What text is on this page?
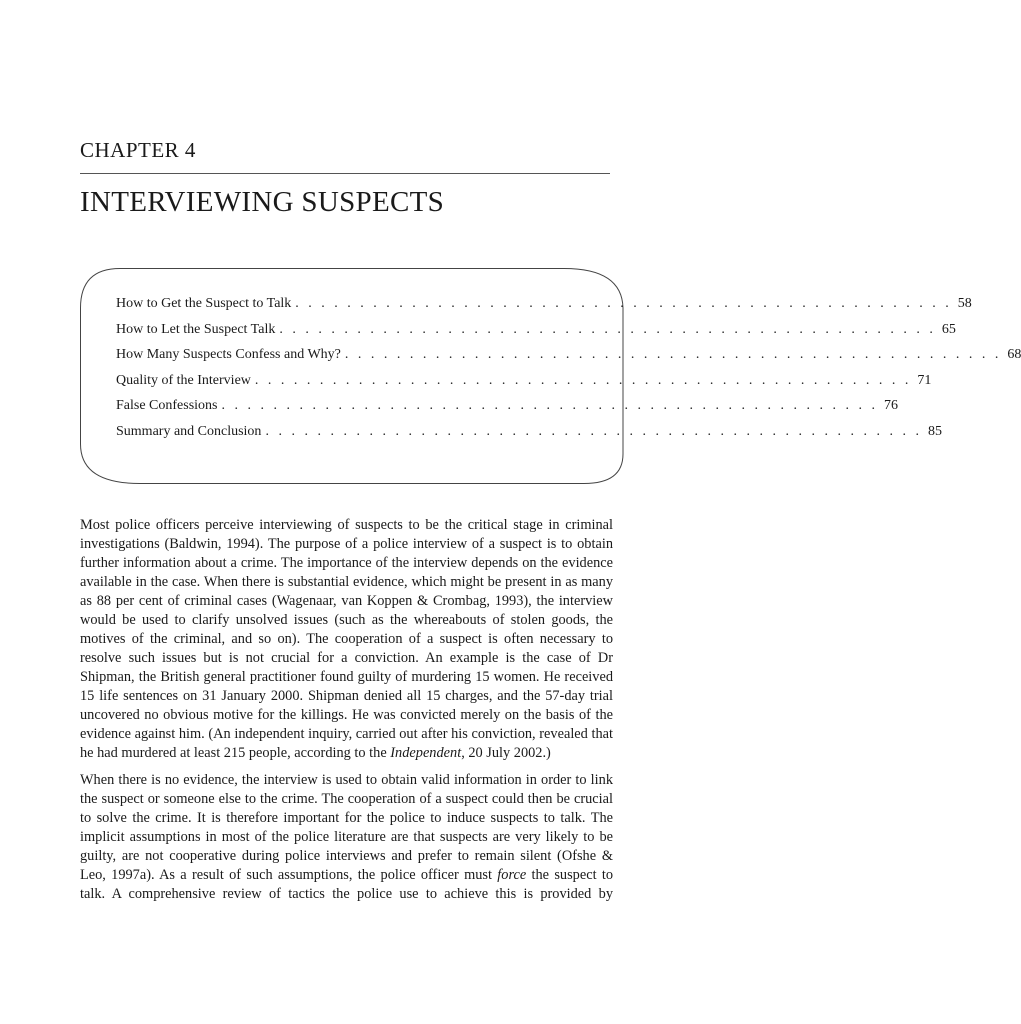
CHAPTER 4
INTERVIEWING SUSPECTS
How to Get the Suspect to Talk . . . . . . . . . . . . . . . . . . . . . . . . . . . . . . . . . . . . . . . . . . . . . . . . . . . 58
How to Let the Suspect Talk . . . . . . . . . . . . . . . . . . . . . . . . . . . . . . . . . . . . . . . . . . . . . . . . . . . 65
How Many Suspects Confess and Why? . . . . . . . . . . . . . . . . . . . . . . . . . . . . . . . . . . . . . . . . . . . . . . . . . . . 68
Quality of the Interview . . . . . . . . . . . . . . . . . . . . . . . . . . . . . . . . . . . . . . . . . . . . . . . . . . . 71
False Confessions . . . . . . . . . . . . . . . . . . . . . . . . . . . . . . . . . . . . . . . . . . . . . . . . . . . 76
Summary and Conclusion . . . . . . . . . . . . . . . . . . . . . . . . . . . . . . . . . . . . . . . . . . . . . . . . . . . 85

Most police officers perceive interviewing of suspects to be the critical stage in criminal investigations (Baldwin, 1994). The purpose of a police interview of a suspect is to obtain further information about a crime. The importance of the interview depends on the evidence available in the case. When there is substantial evidence, which might be present in as many as 88 per cent of criminal cases (Wagenaar, van Koppen & Crombag, 1993), the interview would be used to clarify unsolved issues (such as the whereabouts of stolen goods, the motives of the criminal, and so on). The cooperation of a suspect is often necessary to resolve such issues but is not crucial for a conviction. An example is the case of Dr Shipman, the British general practitioner found guilty of murdering 15 women. He received 15 life sentences on 31 January 2000. Shipman denied all 15 charges, and the 57-day trial uncovered no obvious motive for the killings. He was convicted merely on the basis of the evidence against him. (An independent inquiry, carried out after his conviction, revealed that he had murdered at least 215 people, according to the Independent, 20 July 2002.)

When there is no evidence, the interview is used to obtain valid information in order to link the suspect or someone else to the crime. The cooperation of a suspect could then be crucial to solve the crime. It is therefore important for the police to induce suspects to talk. The implicit assumptions in most of the police literature are that suspects are very likely to be guilty, are not cooperative during police interviews and prefer to remain silent (Ofshe & Leo, 1997a). As a result of such assumptions, the police officer must force the suspect to talk. A comprehensive review of tactics the police use to achieve this is provided by
